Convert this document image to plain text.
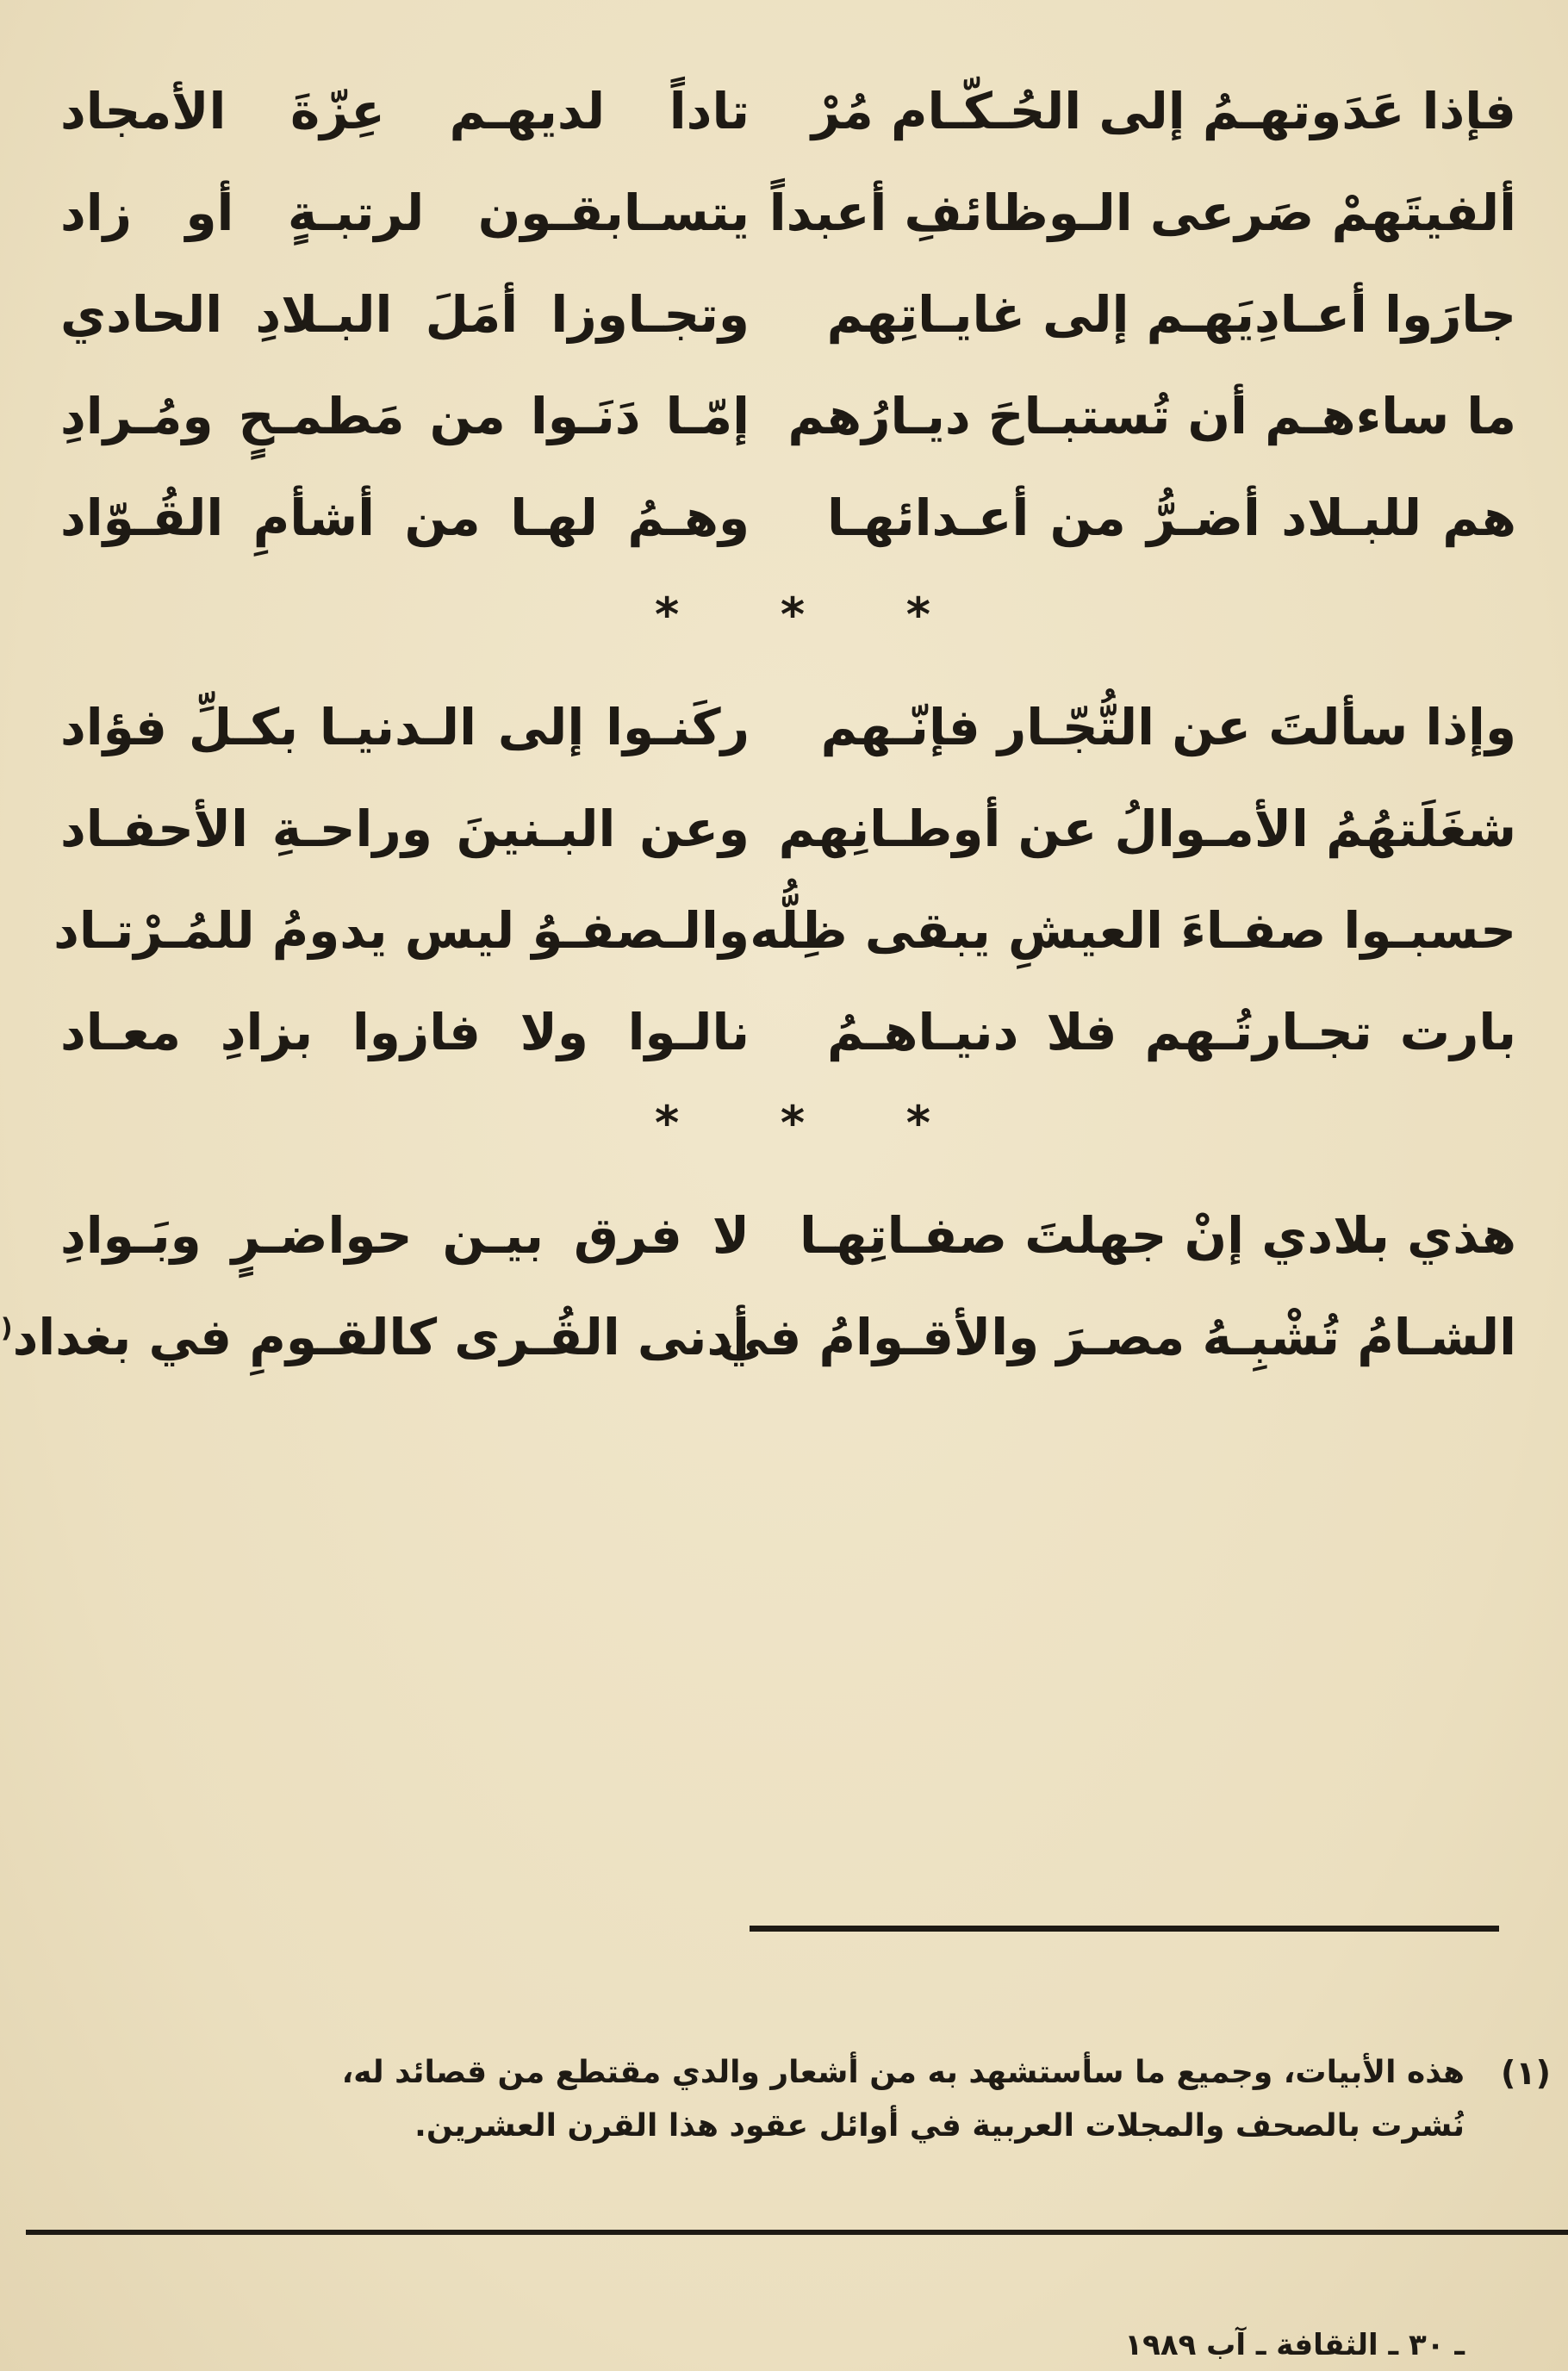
فإذا عَدَوتهـمُ إلى الحُـكّـام مُرْ
تاداً لديهـم عِزّةَ الأمجاد
ألفيتَهمْ صَرعى الـوظائفِ أعبداً
يتسـابقـون لرتبـةٍ أو زاد
جارَوا أعـادِيَهـم إلى غايـاتِهم
وتجـاوزا أمَلَ البـلادِ الحادي
ما ساءهـم أن تُستبـاحَ ديـارُهم
إمّـا دَنَـوا من مَطمـحٍ ومُـرادِ
هم للبـلاد أضـرُّ من أعـدائهـا
وهـمُ لهـا من أشأمِ القُـوّاد
* * *
وإذا سألتَ عن التُّجّـار فإنّـهم
ركَنـوا إلى الـدنيـا بكـلِّ فؤاد
شغَلَتهُمُ الأمـوالُ عن أوطـانِهم
وعن البـنينَ وراحـةِ الأحفـاد
حسبـوا صفـاءَ العيشِ يبقى ظِلُّه
والـصفـوُ ليس يدومُ للمُـرْتـاد
بارت تجـارتُـهم فلا دنيـاهـمُ
نالـوا ولا فازوا بزادِ معـاد
* * *
هذي بلادي إنْ جهلتَ صفـاتِهـا
لا فرق بيـن حواضـرٍ وبَـوادِ
الشـامُ تُشْبِـهُ مصـرَ والأقـوامُ في
أدنى القُـرى كالقـومِ في بغداد(
(١)
هذه الأبيات، وجميع ما سأستشهد به من أشعار والدي مقتطع من قصائد له،
نُشرت بالصحف والمجلات العربية في أوائل عقود هذا القرن العشرين.
ـ ٣٠ ـ الثقافة ـ آب ١٩٨٩
